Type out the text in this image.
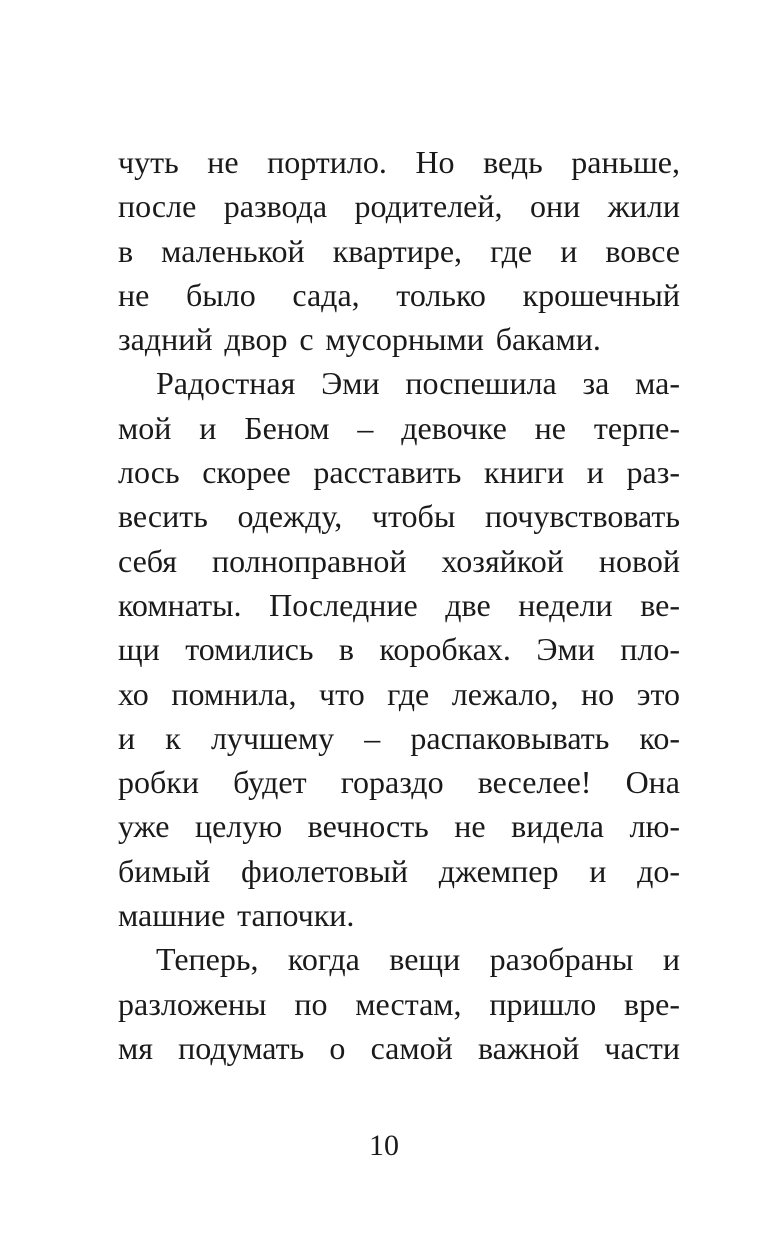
чуть не портило. Но ведь раньше,
после развода родителей, они жили
в маленькой квартире, где и вовсе
не было сада, только крошечный
задний двор с мусорными баками.
Радостная Эми поспешила за ма-
мой и Беном – девочке не терпе-
лось скорее расставить книги и раз-
весить одежду, чтобы почувствовать
себя полноправной хозяйкой новой
комнаты. Последние две недели ве-
щи томились в коробках. Эми пло-
хо помнила, что где лежало, но это
и к лучшему – распаковывать ко-
робки будет гораздо веселее! Она
уже целую вечность не видела лю-
бимый фиолетовый джемпер и до-
машние тапочки.
Теперь, когда вещи разобраны и
разложены по местам, пришло вре-
мя подумать о самой важной части
10
